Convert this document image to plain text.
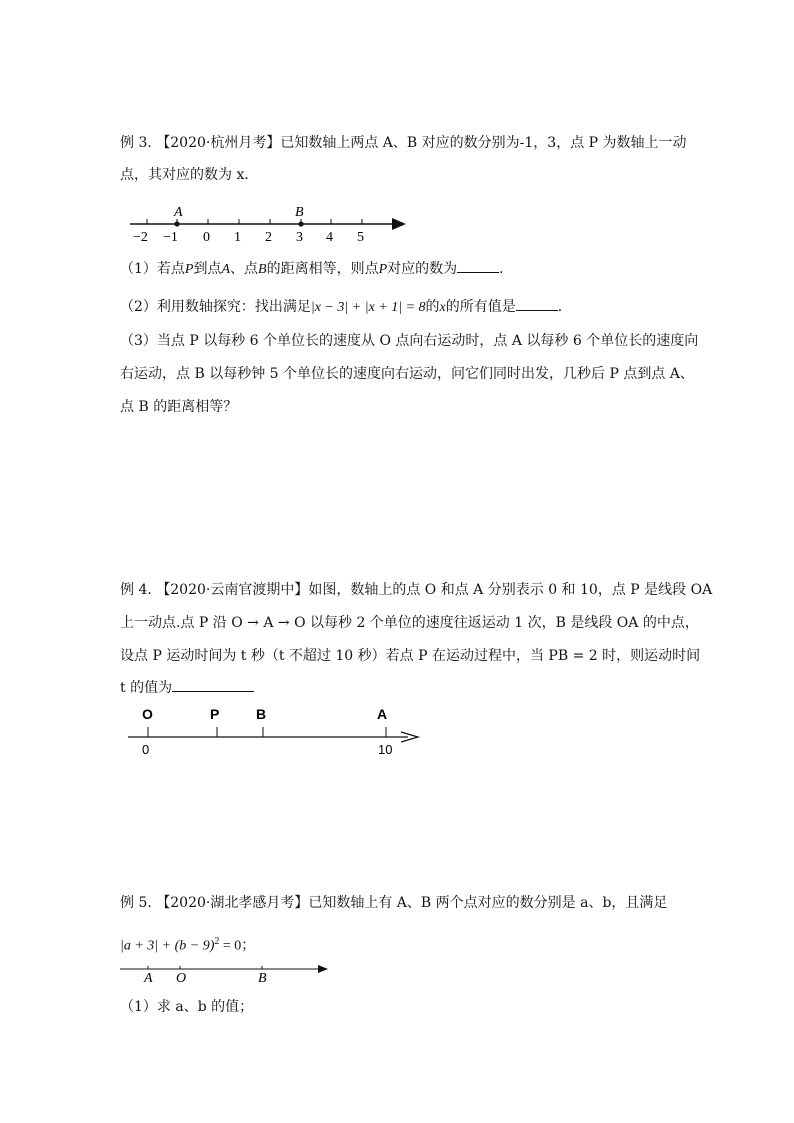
例 3. 【2020·杭州月考】已知数轴上两点 A、B 对应的数分别为-1，3，点 P 为数轴上一动
点，其对应的数为 x．
A	B
−2 −1 0 1 2 3 4 5
（1）若点P到点A、点B的距离相等，则点P对应的数为	．
（2）利用数轴探究：找出满足|x − 3| + |x + 1| = 8的x的所有值是	．
（3）当点 P 以每秒 6 个单位长的速度从 O 点向右运动时，点 A 以每秒 6 个单位长的速度向
右运动，点 B 以每秒钟 5 个单位长的速度向右运动，问它们同时出发，几秒后 P 点到点 A、
点 B 的距离相等？
例 4. 【2020·云南官渡期中】如图，数轴上的点 O 和点 A 分别表示 0 和 10，点 P 是线段 OA
上一动点.点 P 沿 O → A → O 以每秒 2 个单位的速度往返运动 1 次，B 是线段 OA 的中点，
设点 P 运动时间为 t 秒（t 不超过 10 秒）若点 P 在运动过程中，当 PB = 2 时，则运动时间
t 的值为
O	P	B	A
0	10
例 5. 【2020·湖北孝感月考】已知数轴上有 A、B 两个点对应的数分别是 a、b，且满足
$|a + 3| + (b - 9)^2 = 0$；
A O	B
（1）求 a、b 的值；
